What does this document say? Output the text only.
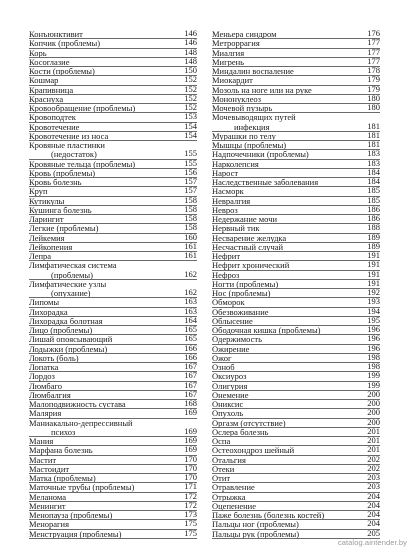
Конъюнктивит	146
Копчик (проблемы)	146
Корь	148
Косоглазие	148
Кости (проблемы)	150
Кошмар	152
Крапивница	152
Краснуха	152
Кровообращение (проблемы)	152
Кровоподтек	153
Кровотечение	154
Кровотечение из носа	154
Кровяные пластинки
(недостаток)	155
Кровяные тельца (проблемы)	155
Кровь (проблемы)	156
Кровь болезнь	157
Круп	157
Кутикулы	158
Кушинга болезнь	158
Ларингит	158
Легкие (проблемы)	158
Лейкемия	160
Лейкопения	161
Лепра	161
Лимфатическая система
(проблемы)	162
Лимфатические узлы
(опухание)	162
Липомы	163
Лихорадка	163
Лихорадка болотная	164
Лицо (проблемы)	165
Лишай опоясывающий	165
Лодыжки (проблемы)	166
Локоть (боль)	166
Лопатка	167
Лордоз	167
Люмбаго	167
Люмбалгия	167
Малоподвижность сустава	168
Малярия	169
Маниакально-депрессивный
психоз	169
Мания	169
Марфана болезнь	169
Мастит	170
Мастоидит	170
Матка (проблемы)	170
Маточные трубы (проблемы)	171
Меланома	172
Менингит	172
Менопауза (проблемы)	173
Менорагия	175
Менструация (проблемы)	175
Меньера синдром	176
Метроррагия	177
Миалгия	177
Мигрень	177
Миндалин воспаление	178
Миокардит	179
Мозоль на ноге или на руке	179
Мононуклеоз	180
Мочевой пузырь	180
Мочевыводящих путей
инфекция	181
Мурашки по телу	181
Мышцы (проблемы)	181
Надпочечники (проблемы)	183
Нарколепсия	183
Нарост	184
Наследственные заболевания	184
Насморк	185
Невралгия	185
Невроз	186
Недержание мочи	186
Нервный тик	188
Несварение желудка	189
Несчастный случай	189
Нефрит	191
Нефрит хронический	191
Нефроз	191
Ногти (проблемы)	191
Нос (проблемы)	192
Обморок	193
Обезвоживание	194
Облысение	195
Ободочная кишка (проблемы)	196
Одержимость	196
Ожирение	196
Ожог	198
Озноб	198
Оксиуроз	199
Олигурия	199
Онемение	200
Ониксис	200
Опухоль	200
Оргазм (отсутствие)	200
Ослера болезнь	201
Оспа	201
Остеохондроз шейный	201
Отальгия	202
Отеки	202
Отит	203
Отравление	203
Отрыжка	204
Оцепенение	204
Паже болезнь (болезнь костей)	204
Пальцы ног (проблемы)	204
Пальцы рук (проблемы)	205
catalog.aintender.by
